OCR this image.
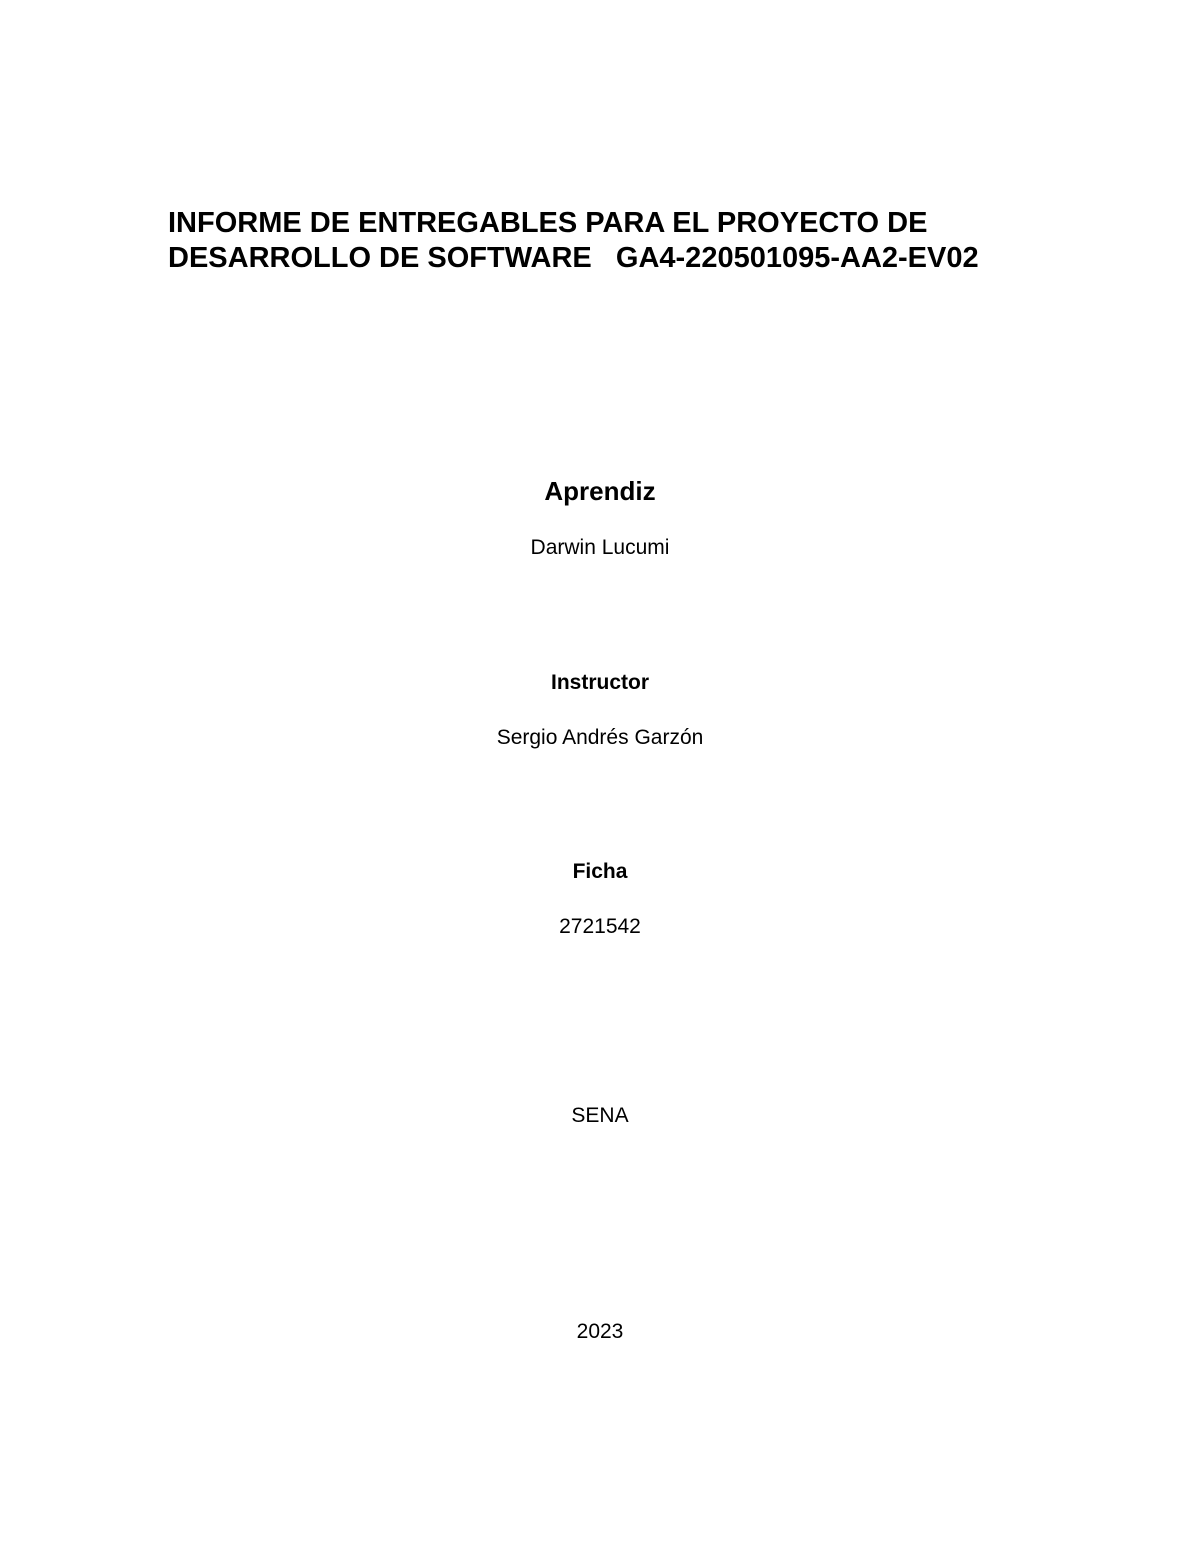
INFORME DE ENTREGABLES PARA EL PROYECTO DE
DESARROLLO DE SOFTWARE   GA4-220501095-AA2-EV02

Aprendiz

Darwin Lucumi

Instructor

Sergio Andrés Garzón

Ficha

2721542

SENA

2023
